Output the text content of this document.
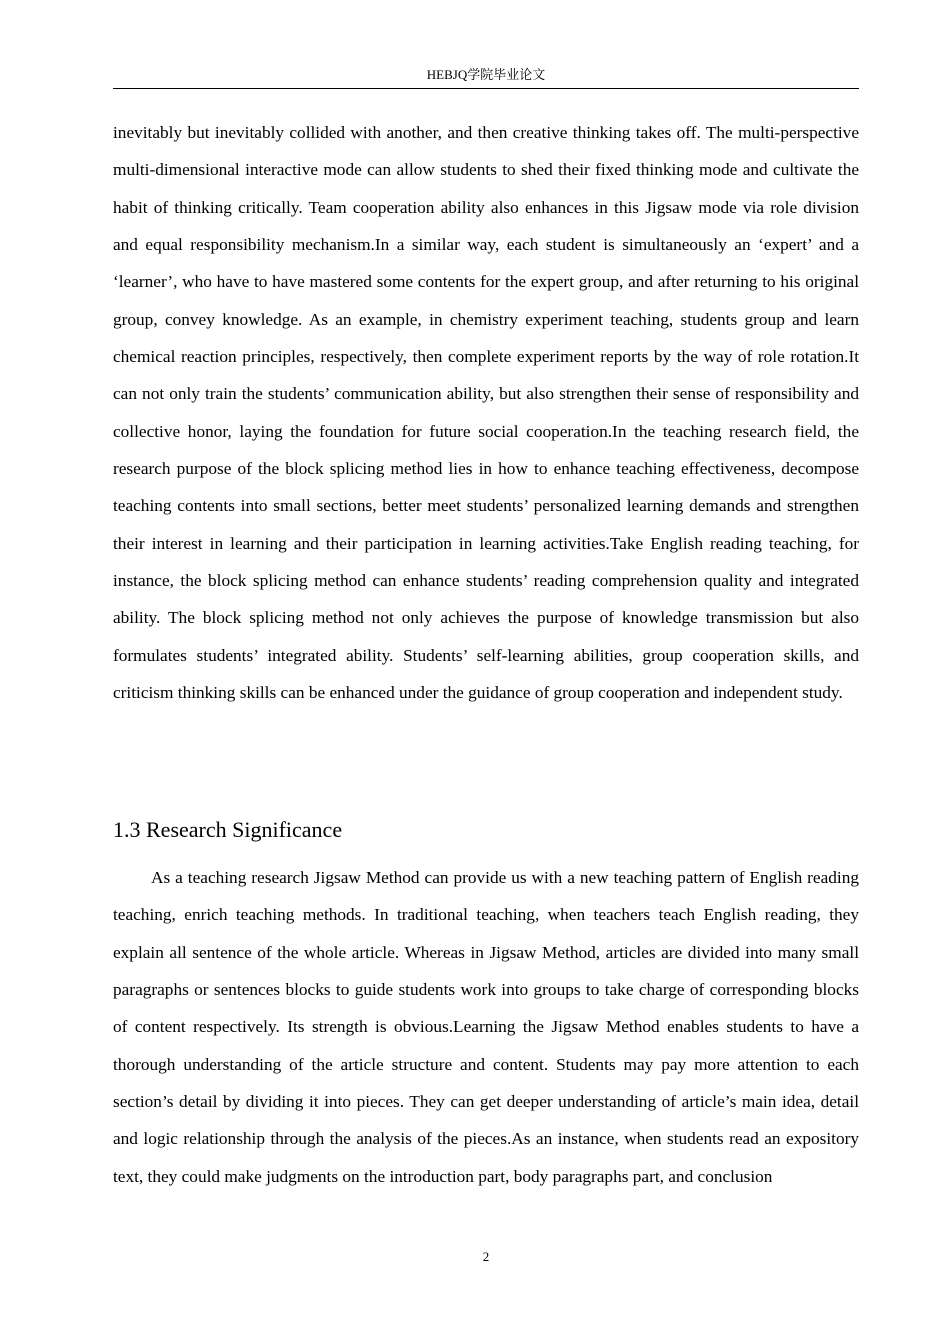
HEBJQ学院毕业论文

inevitably but inevitably collided with another, and then creative thinking takes off. The multi-perspective multi-dimensional interactive mode can allow students to shed their fixed thinking mode and cultivate the habit of thinking critically. Team cooperation ability also enhances in this Jigsaw mode via role division and equal responsibility mechanism.In a similar way, each student is simultaneously an ‘expert’ and a ‘learner’, who have to have mastered some contents for the expert group, and after returning to his original group, convey knowledge. As an example, in chemistry experiment teaching, students group and learn chemical reaction principles, respectively, then complete experiment reports by the way of role rotation.It can not only train the students’ communication ability, but also strengthen their sense of responsibility and collective honor, laying the foundation for future social cooperation.In the teaching research field, the research purpose of the block splicing method lies in how to enhance teaching effectiveness, decompose teaching contents into small sections, better meet students’ personalized learning demands and strengthen their interest in learning and their participation in learning activities.Take English reading teaching, for instance, the block splicing method can enhance students’ reading comprehension quality and integrated ability. The block splicing method not only achieves the purpose of knowledge transmission but also formulates students’ integrated ability. Students’ self-learning abilities, group cooperation skills, and criticism thinking skills can be enhanced under the guidance of group cooperation and independent study.

1.3 Research Significance

As a teaching research Jigsaw Method can provide us with a new teaching pattern of English reading teaching, enrich teaching methods. In traditional teaching, when teachers teach English reading, they explain all sentence of the whole article. Whereas in Jigsaw Method, articles are divided into many small paragraphs or sentences blocks to guide students work into groups to take charge of corresponding blocks of content respectively. Its strength is obvious.Learning the Jigsaw Method enables students to have a thorough understanding of the article structure and content. Students may pay more attention to each section’s detail by dividing it into pieces. They can get deeper understanding of article’s main idea, detail and logic relationship through the analysis of the pieces.As an instance, when students read an expository text, they could make judgments on the introduction part, body paragraphs part, and conclusion

2
